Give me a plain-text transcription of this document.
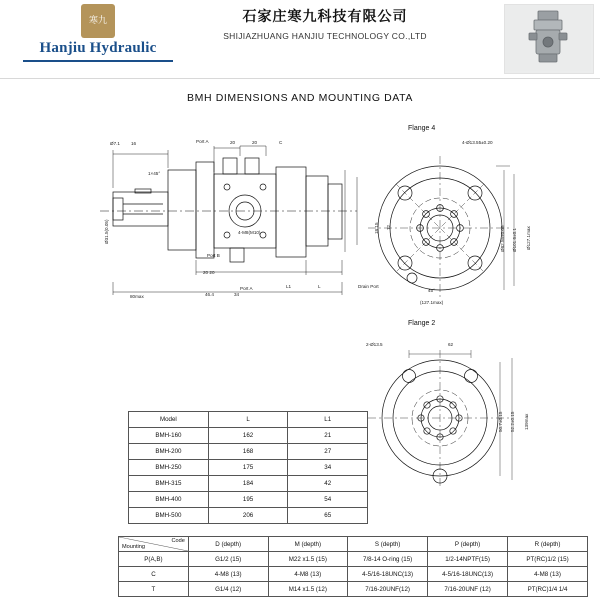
寒九
Hanjiu Hydraulic
石家庄寒九科技有限公司
SHIJIAZHUANG HANJIU TECHNOLOGY CO.,LTD
BMH DIMENSIONS AND MOUNTING DATA
Ø7.1 16	Port A	20	20	C
Port B
Port A
4-M8(M10)
72
18 15
20 20
46.4	34
L1	L
80max
1×45°
Ø31.5(0.05)
Flange 4
4-Ø13.55±0.20
Ø82.55±0.05 Ø101.6±0.1 Ø127.1max
45°
(127.1max)
Drain Port
Flange 2
2-Ø13.5	62
50.7±0.15 52.2±0.15 139max
Model	L	L1
BMH-160	162	21
BMH-200	168	27
BMH-250	175	34
BMH-315	184	42
BMH-400	195	54
BMH-500	206	65
Code
Mounting	D (depth)	M (depth)	S (depth)	P (depth)	R (depth)
P(A,B)	G1/2 (15)	M22 x1.5 (15)	7/8-14 O-ring (15)	1/2-14NPTF(15)	PT(RC)1/2 (15)
C	4-M8 (13)	4-M8 (13)	4-5/16-18UNC(13)	4-5/16-18UNC(13)	4-M8 (13)
T	G1/4 (12)	M14 x1.5 (12)	7/16-20UNF(12)	7/16-20UNF (12)	PT(RC)1/4 1/4
